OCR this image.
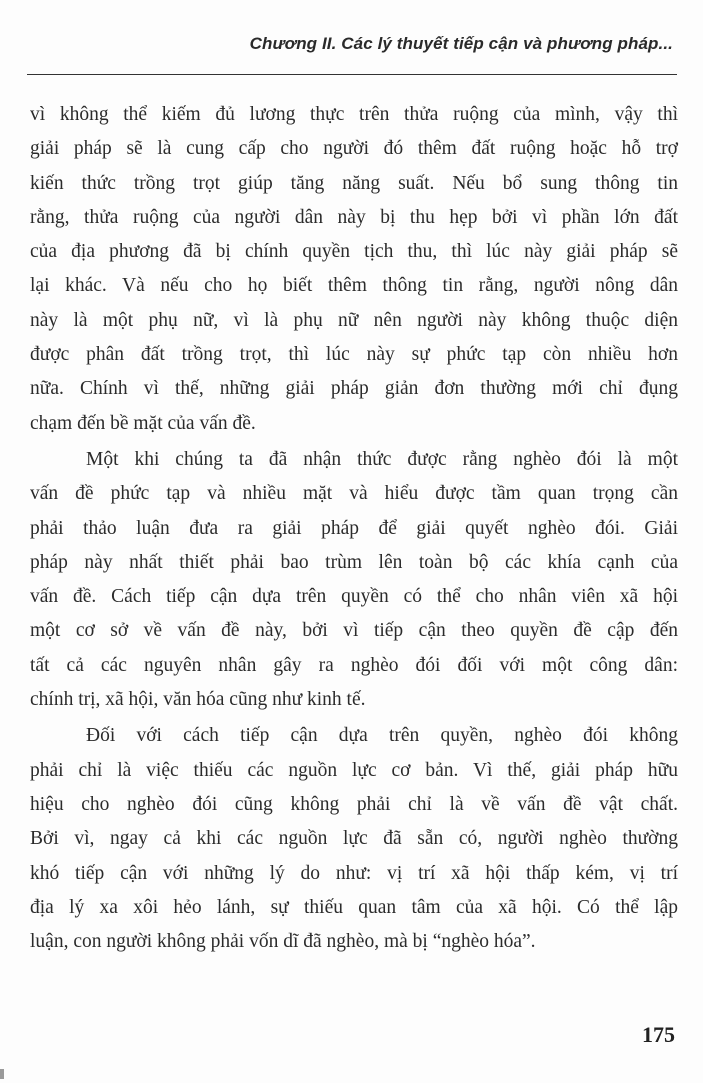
Chương II. Các lý thuyết tiếp cận và phương pháp...
vì không thể kiếm đủ lương thực trên thửa ruộng của mình, vậy thì
giải pháp sẽ là cung cấp cho người đó thêm đất ruộng hoặc hỗ trợ
kiến thức trồng trọt giúp tăng năng suất. Nếu bổ sung thông tin
rằng, thửa ruộng của người dân này bị thu hẹp bởi vì phần lớn đất
của địa phương đã bị chính quyền tịch thu, thì lúc này giải pháp sẽ
lại khác. Và nếu cho họ biết thêm thông tin rằng, người nông dân
này là một phụ nữ, vì là phụ nữ nên người này không thuộc diện
được phân đất trồng trọt, thì lúc này sự phức tạp còn nhiều hơn
nữa. Chính vì thế, những giải pháp giản đơn thường mới chỉ đụng
chạm đến bề mặt của vấn đề.
Một khi chúng ta đã nhận thức được rằng nghèo đói là một
vấn đề phức tạp và nhiều mặt và hiểu được tầm quan trọng cần
phải thảo luận đưa ra giải pháp để giải quyết nghèo đói. Giải
pháp này nhất thiết phải bao trùm lên toàn bộ các khía cạnh của
vấn đề. Cách tiếp cận dựa trên quyền có thể cho nhân viên xã hội
một cơ sở về vấn đề này, bởi vì tiếp cận theo quyền đề cập đến
tất cả các nguyên nhân gây ra nghèo đói đối với một công dân:
chính trị, xã hội, văn hóa cũng như kinh tế.
Đối với cách tiếp cận dựa trên quyền, nghèo đói không
phải chỉ là việc thiếu các nguồn lực cơ bản. Vì thế, giải pháp hữu
hiệu cho nghèo đói cũng không phải chỉ là về vấn đề vật chất.
Bởi vì, ngay cả khi các nguồn lực đã sẵn có, người nghèo thường
khó tiếp cận với những lý do như: vị trí xã hội thấp kém, vị trí
địa lý xa xôi hẻo lánh, sự thiếu quan tâm của xã hội. Có thể lập
luận, con người không phải vốn dĩ đã nghèo, mà bị “nghèo hóa”.
175
